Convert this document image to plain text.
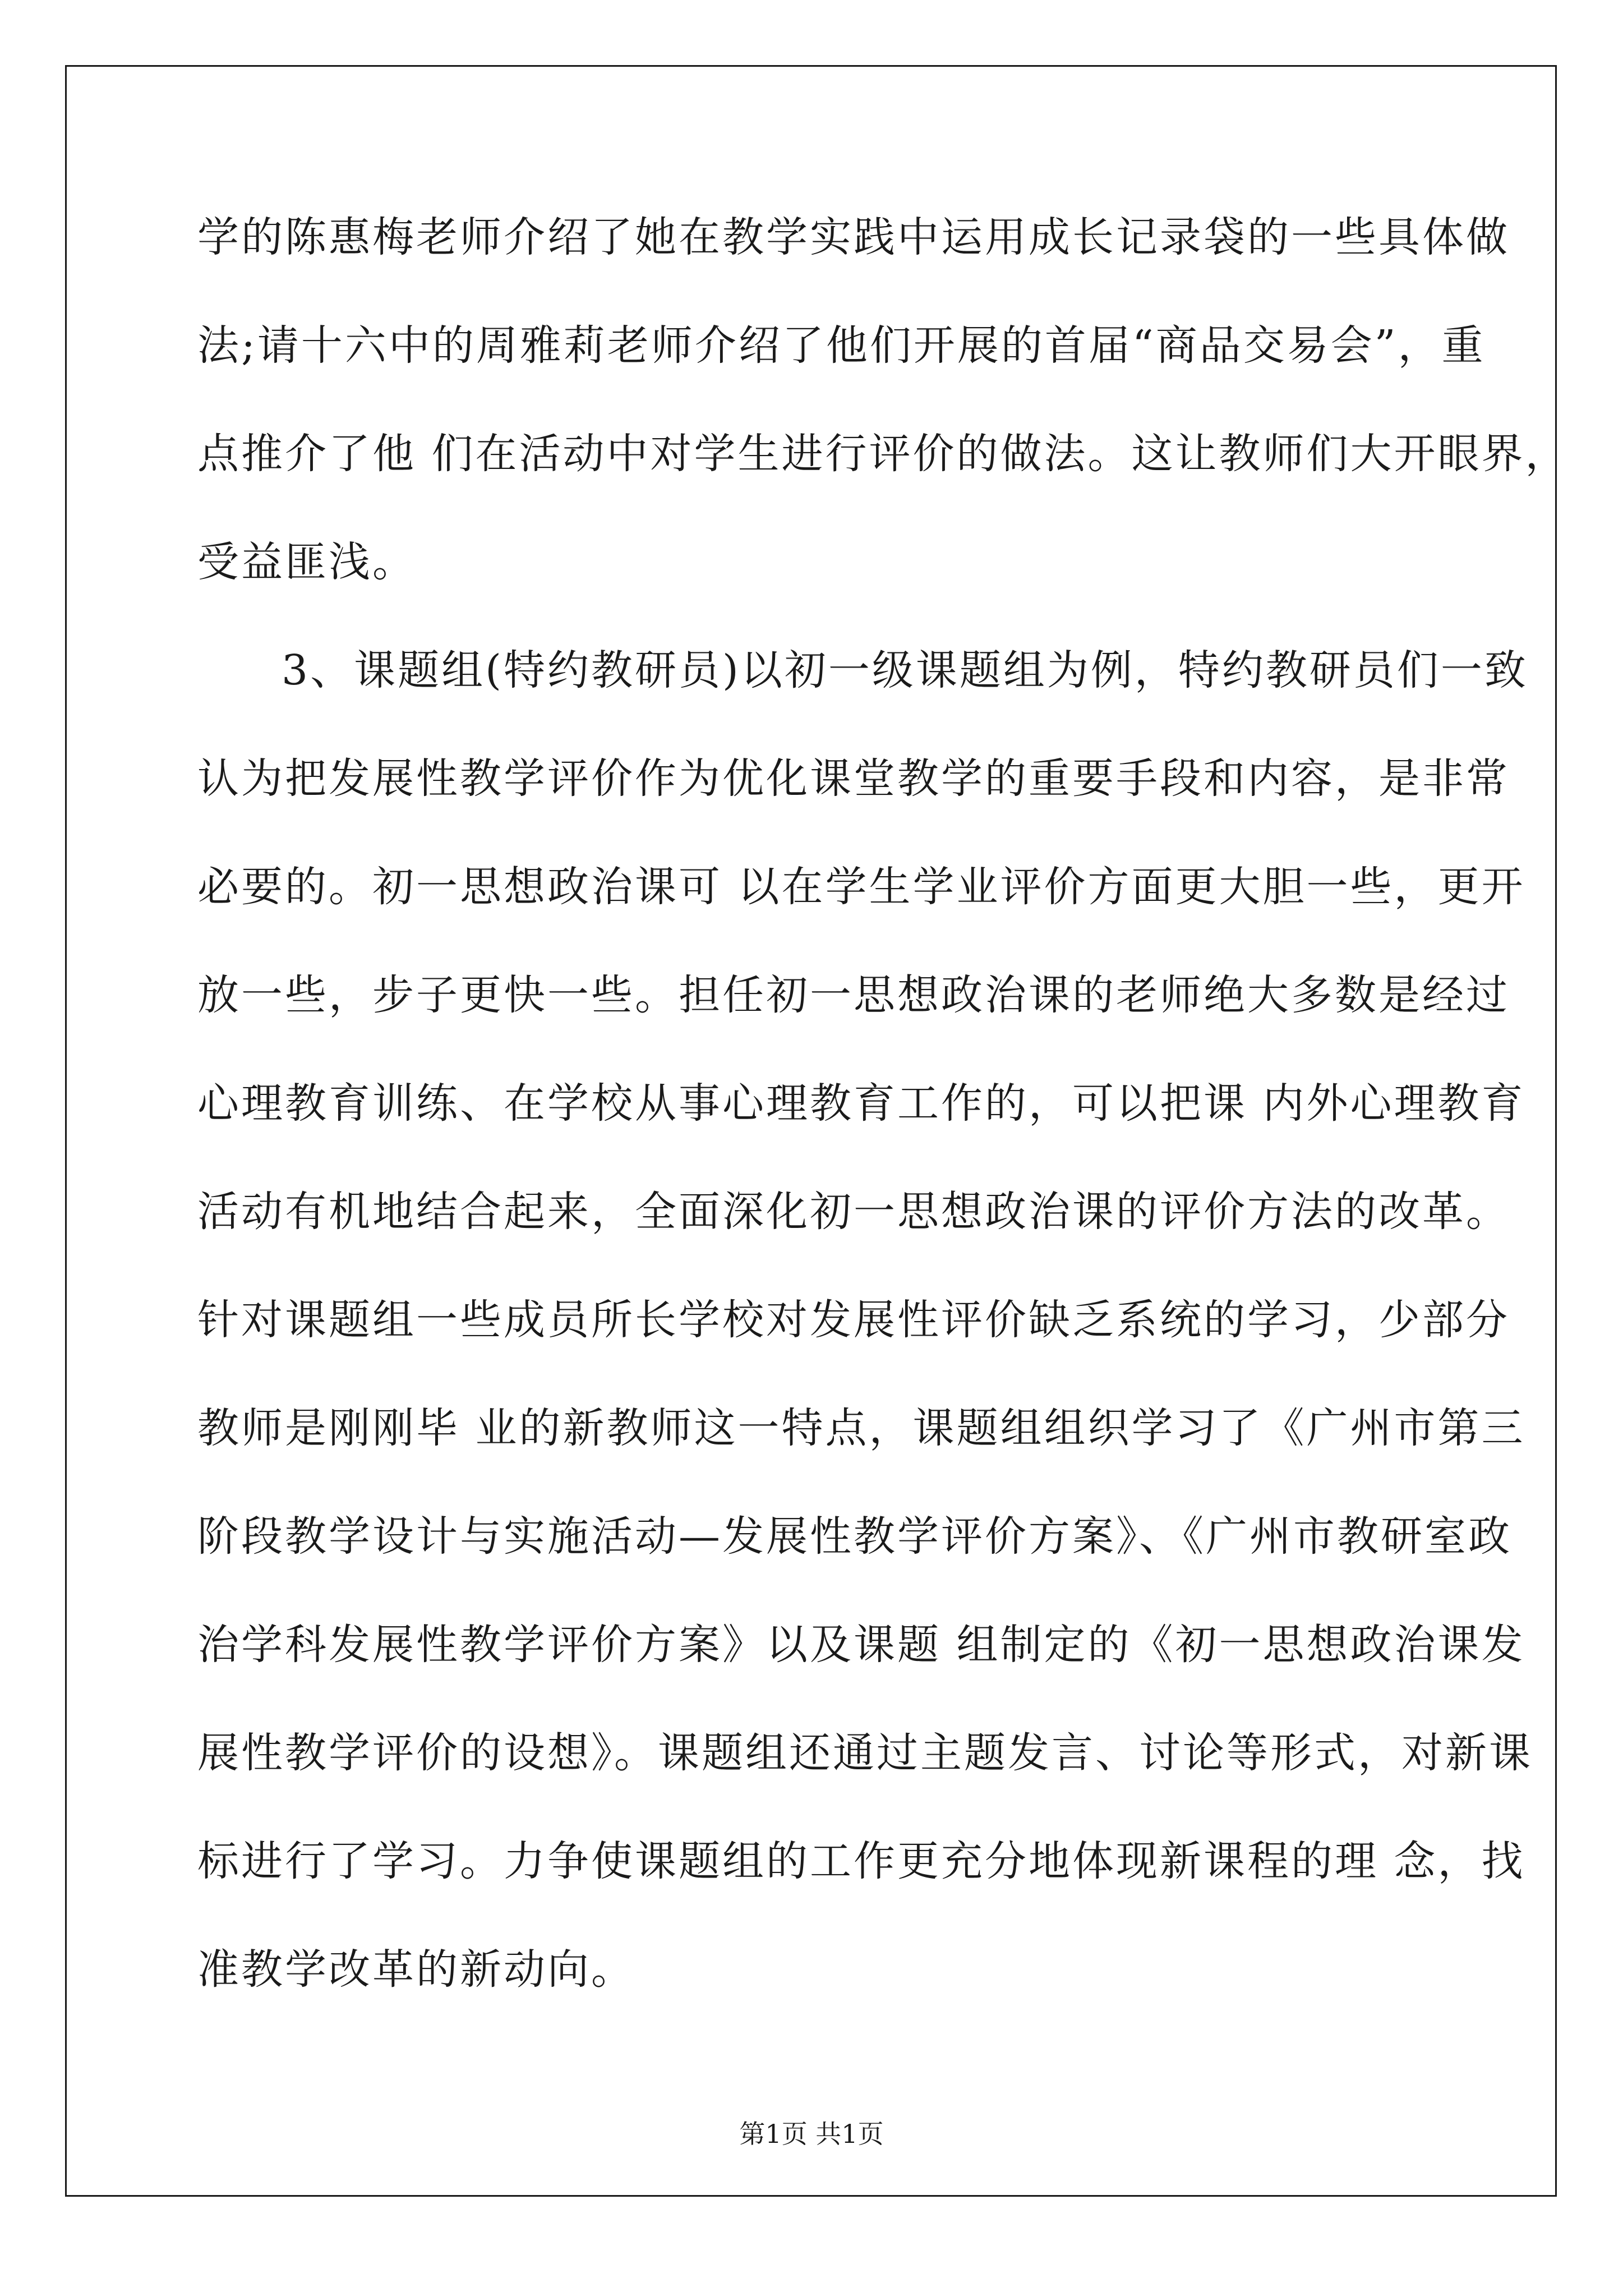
学的陈惠梅老师介绍了她在教学实践中运用成长记录袋的一些具体做
法;请十六中的周雅莉老师介绍了他们开展的首届“商品交易会”，重
点推介了他 们在活动中对学生进行评价的做法。这让教师们大开眼界，
受益匪浅。
3、课题组(特约教研员)以初一级课题组为例，特约教研员们一致
认为把发展性教学评价作为优化课堂教学的重要手段和内容，是非常
必要的。初一思想政治课可 以在学生学业评价方面更大胆一些，更开
放一些，步子更快一些。担任初一思想政治课的老师绝大多数是经过
心理教育训练、在学校从事心理教育工作的，可以把课 内外心理教育
活动有机地结合起来，全面深化初一思想政治课的评价方法的改革。
针对课题组一些成员所长学校对发展性评价缺乏系统的学习，少部分
教师是刚刚毕 业的新教师这一特点，课题组组织学习了《广州市第三
阶段教学设计与实施活动—发展性教学评价方案》、《广州市教研室政
治学科发展性教学评价方案》以及课题 组制定的《初一思想政治课发
展性教学评价的设想》。课题组还通过主题发言、讨论等形式，对新课
标进行了学习。力争使课题组的工作更充分地体现新课程的理 念，找
准教学改革的新动向。
第1页 共1页
